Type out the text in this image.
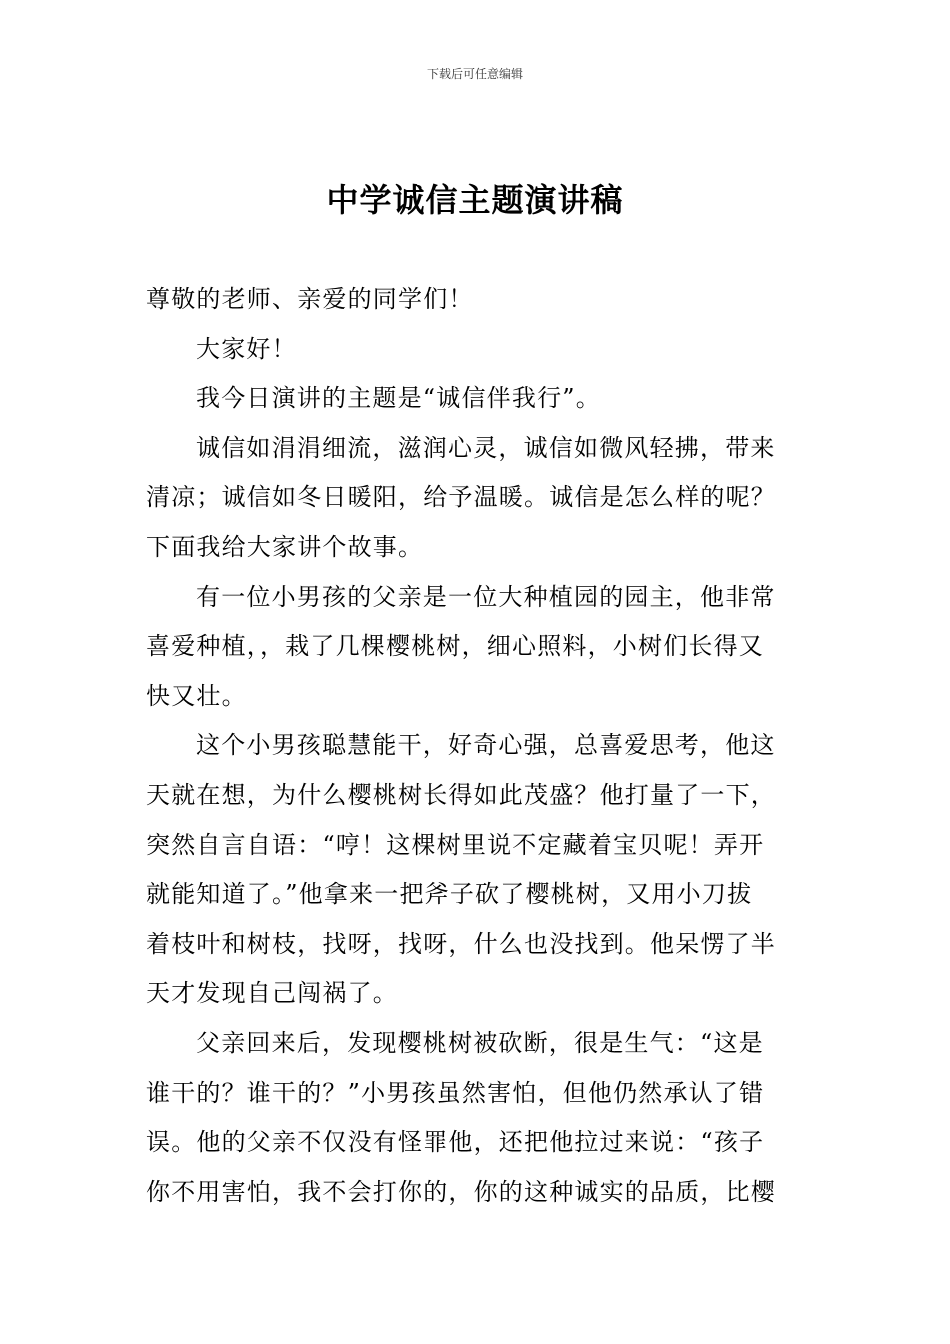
下载后可任意编辑
中学诚信主题演讲稿
尊敬的老师、亲爱的同学们！
大家好！
我今日演讲的主题是“诚信伴我行”。
诚信如涓涓细流，滋润心灵，诚信如微风轻拂，带来
清凉；诚信如冬日暖阳，给予温暖。诚信是怎么样的呢？
下面我给大家讲个故事。
有一位小男孩的父亲是一位大种植园的园主，他非常
喜爱种植，，栽了几棵樱桃树，细心照料，小树们长得又
快又壮。
这个小男孩聪慧能干，好奇心强，总喜爱思考，他这
天就在想，为什么樱桃树长得如此茂盛？他打量了一下，
突然自言自语：“哼！这棵树里说不定藏着宝贝呢！弄开
就能知道了。”他拿来一把斧子砍了樱桃树，又用小刀拔
着枝叶和树枝，找呀，找呀，什么也没找到。他呆愣了半
天才发现自己闯祸了。
父亲回来后，发现樱桃树被砍断，很是生气：“这是
谁干的？谁干的？”小男孩虽然害怕，但他仍然承认了错
误。他的父亲不仅没有怪罪他，还把他拉过来说：“孩子
你不用害怕，我不会打你的，你的这种诚实的品质，比樱
